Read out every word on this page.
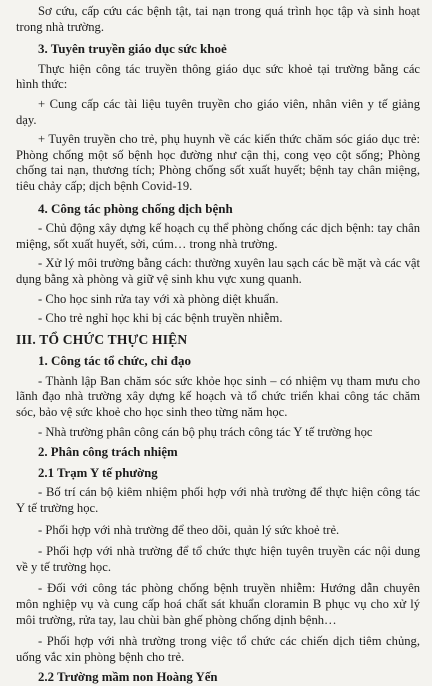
Sơ cứu, cấp cứu các bệnh tật, tai nạn trong quá trình học tập và sinh hoạt trong nhà trường.

3. Tuyên truyền giáo dục sức khoẻ

Thực hiện công tác truyền thông giáo dục sức khoẻ tại trường bằng các hình thức:

+ Cung cấp các tài liệu tuyên truyền cho giáo viên, nhân viên y tế giảng dạy.

+ Tuyên truyền cho trẻ, phụ huynh về các kiến thức chăm sóc giáo dục trẻ: Phòng chống một số bệnh học đường như cận thị, cong vẹo cột sống; Phòng chống tai nạn, thương tích; Phòng chống sốt xuất huyết; bệnh tay chân miệng, tiêu chảy cấp; dịch bệnh Covid-19.

4. Công tác phòng chống dịch bệnh

- Chủ động xây dựng kế hoạch cụ thể phòng chống các dịch bệnh: tay chân miệng, sốt xuất huyết, sởi, cúm… trong nhà trường.

- Xử lý môi trường bằng cách: thường xuyên lau sạch các bề mặt và các vật dụng bằng xà phòng và giữ vệ sinh khu vực xung quanh.

- Cho học sinh rửa tay với xà phòng diệt khuẩn.

- Cho trẻ nghỉ học khi bị các bệnh truyền nhiễm.

III. TỔ CHỨC THỰC HIỆN

1. Công tác tổ chức, chỉ đạo

- Thành lập Ban chăm sóc sức khỏe học sinh – có nhiệm vụ tham mưu cho lãnh đạo nhà trường xây dựng kế hoạch và tổ chức triển khai công tác chăm sóc, bảo vệ sức khoẻ cho học sinh theo từng năm học.

- Nhà trường phân công cán bộ phụ trách công tác Y tế trường học

2. Phân công trách nhiệm

2.1 Trạm Y tế phường

- Bố trí cán bộ kiêm nhiệm phối hợp với nhà trường để thực hiện công tác Y tế trường học.

- Phối hợp với nhà trường để theo dõi, quản lý sức khoẻ trẻ.

- Phối hợp với nhà trường để tổ chức thực hiện tuyên truyền các nội dung về y tế trường học.

- Đối với công tác phòng chống bệnh truyền nhiễm: Hướng dẫn chuyên môn nghiệp vụ và cung cấp hoá chất sát khuẩn cloramin B phục vụ cho xử lý môi trường, rửa tay, lau chùi bàn ghế phòng chống dịnh bệnh…

- Phối hợp với nhà trường trong việc tổ chức các chiến dịch tiêm chủng, uống vắc xin phòng bệnh cho trẻ.

2.2 Trường mầm non Hoàng Yến
